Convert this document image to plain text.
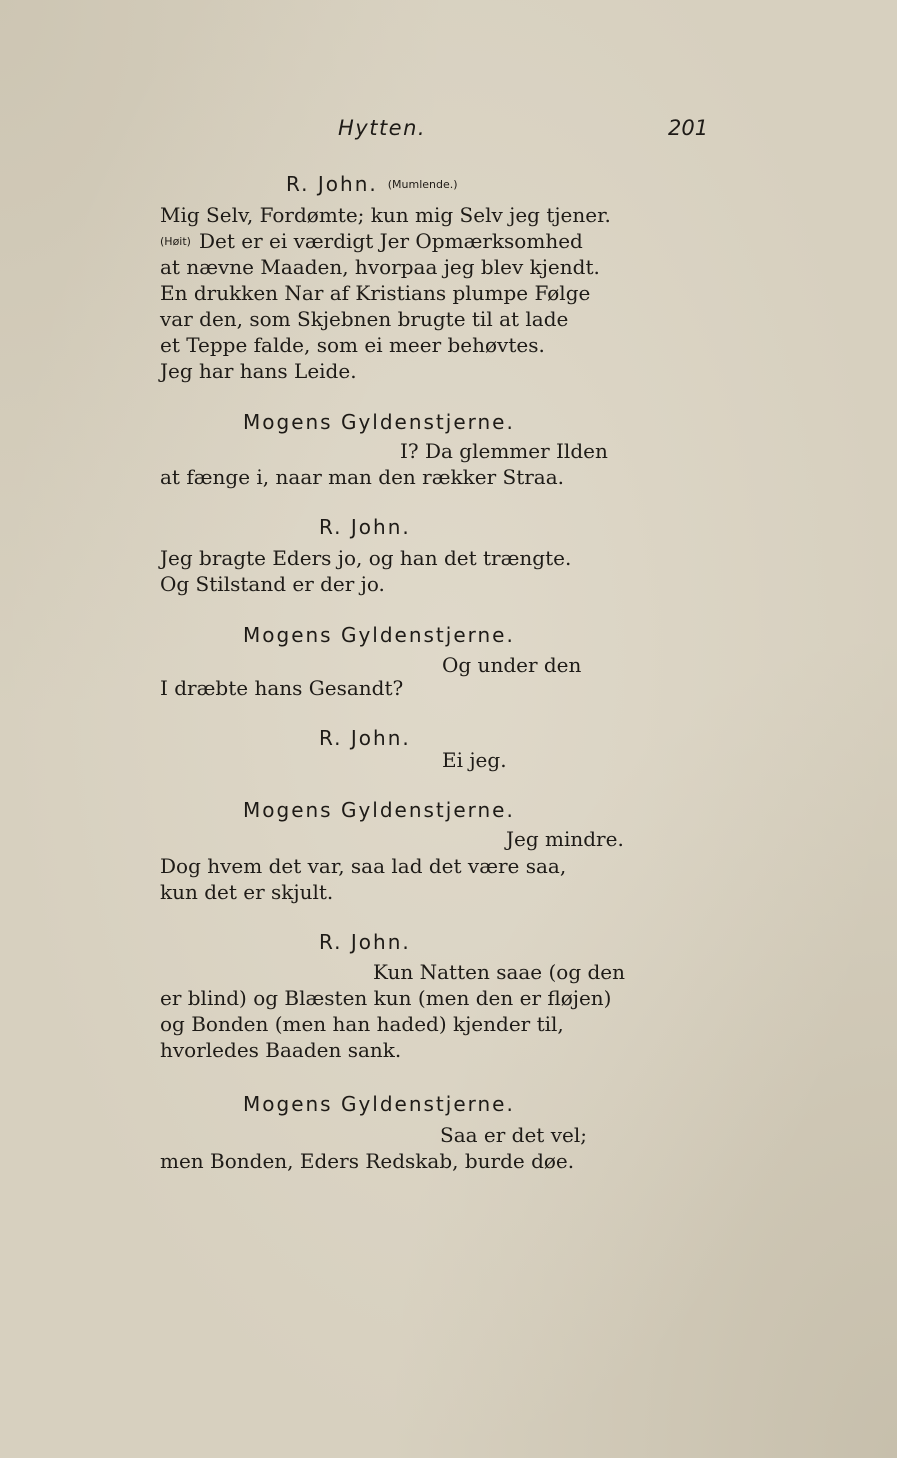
Hytten.	201
R. John. (Mumlende.)
Mig Selv, Fordømte; kun mig Selv jeg tjener.
(Høit) Det er ei værdigt Jer Opmærksomhed
at nævne Maaden, hvorpaa jeg blev kjendt.
En drukken Nar af Kristians plumpe Følge
var den, som Skjebnen brugte til at lade
et Teppe falde, som ei meer behøvtes.
Jeg har hans Leide.
Mogens Gyldenstjerne.
I? Da glemmer Ilden
at fænge i, naar man den rækker Straa.
R. John.
Jeg bragte Eders jo, og han det trængte.
Og Stilstand er der jo.
Mogens Gyldenstjerne.
Og under den
I dræbte hans Gesandt?
R. John.
Ei jeg.
Mogens Gyldenstjerne.
Jeg mindre.
Dog hvem det var, saa lad det være saa,
kun det er skjult.
R. John.
Kun Natten saae (og den
er blind) og Blæsten kun (men den er fløjen)
og Bonden (men han haded) kjender til,
hvorledes Baaden sank.
Mogens Gyldenstjerne.
Saa er det vel;
men Bonden, Eders Redskab, burde døe.
